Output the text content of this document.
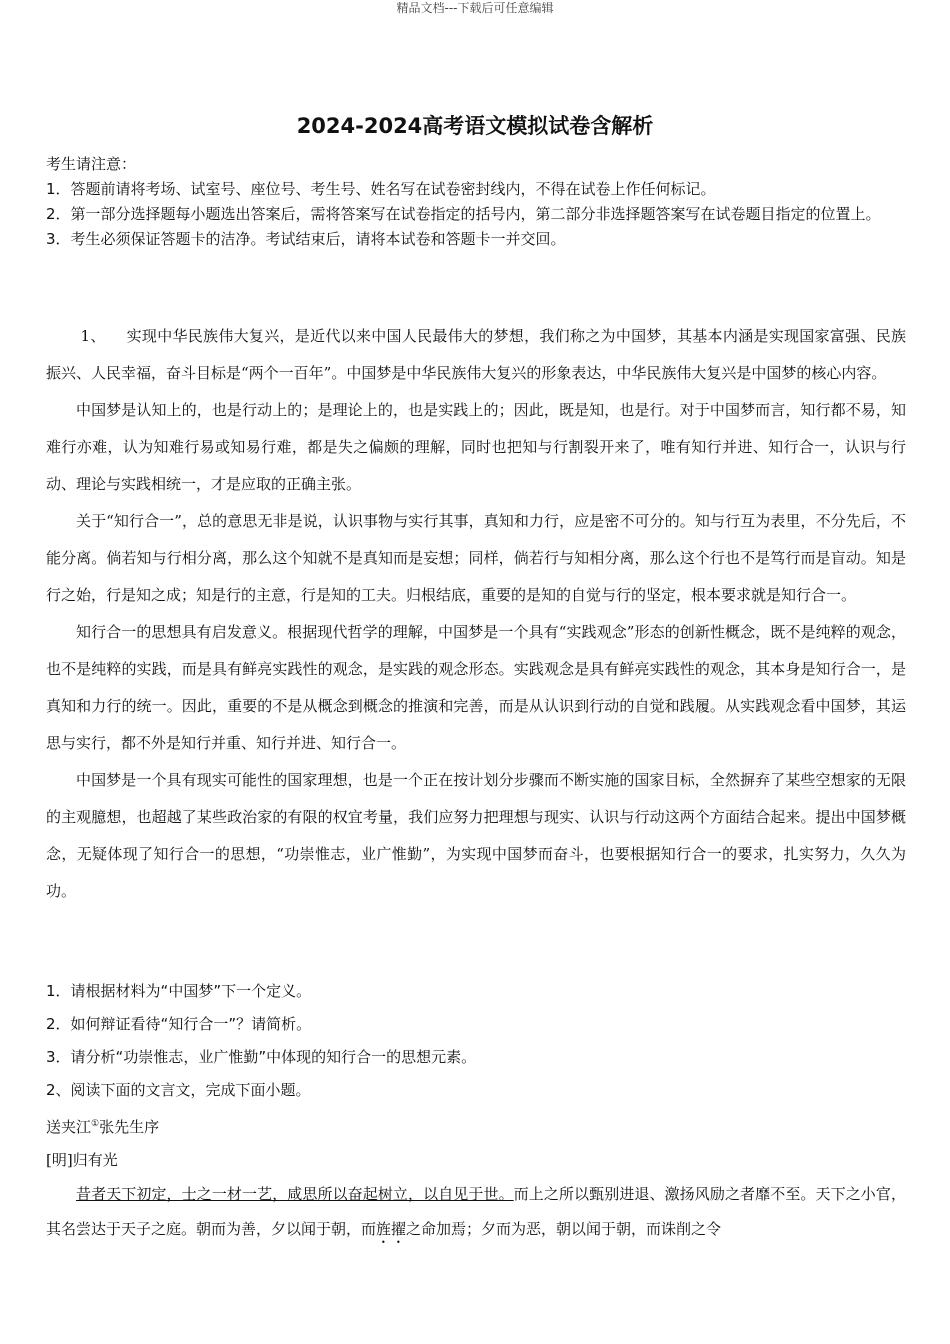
精品文档---下载后可任意编辑
2024-2024高考语文模拟试卷含解析

考生请注意：

1．答题前请将考场、试室号、座位号、考生号、姓名写在试卷密封线内，不得在试卷上作任何标记。

2．第一部分选择题每小题选出答案后，需将答案写在试卷指定的括号内，第二部分非选择题答案写在试卷题目指定的位置上。

3．考生必须保证答题卡的洁净。考试结束后，请将本试卷和答题卡一并交回。

1、 实现中华民族伟大复兴，是近代以来中国人民最伟大的梦想，我们称之为中国梦，其基本内涵是实现国家富强、民族振兴、人民幸福，奋斗目标是“两个一百年”。中国梦是中华民族伟大复兴的形象表达，中华民族伟大复兴是中国梦的核心内容。

中国梦是认知上的，也是行动上的；是理论上的，也是实践上的；因此，既是知，也是行。对于中国梦而言，知行都不易，知难行亦难，认为知难行易或知易行难，都是失之偏颇的理解，同时也把知与行割裂开来了，唯有知行并进、知行合一，认识与行动、理论与实践相统一，才是应取的正确主张。

关于“知行合一”，总的意思无非是说，认识事物与实行其事，真知和力行，应是密不可分的。知与行互为表里，不分先后，不能分离。倘若知与行相分离，那么这个知就不是真知而是妄想；同样，倘若行与知相分离，那么这个行也不是笃行而是盲动。知是行之始，行是知之成；知是行的主意，行是知的工夫。归根结底，重要的是知的自觉与行的坚定，根本要求就是知行合一。

知行合一的思想具有启发意义。根据现代哲学的理解，中国梦是一个具有“实践观念”形态的创新性概念，既不是纯粹的观念，也不是纯粹的实践，而是具有鲜亮实践性的观念，是实践的观念形态。实践观念是具有鲜亮实践性的观念，其本身是知行合一，是真知和力行的统一。因此，重要的不是从概念到概念的推演和完善，而是从认识到行动的自觉和践履。从实践观念看中国梦，其运思与实行，都不外是知行并重、知行并进、知行合一。

中国梦是一个具有现实可能性的国家理想，也是一个正在按计划分步骤而不断实施的国家目标，全然摒弃了某些空想家的无限的主观臆想，也超越了某些政治家的有限的权宜考量，我们应努力把理想与现实、认识与行动这两个方面结合起来。提出中国梦概念，无疑体现了知行合一的思想，“功崇惟志，业广惟勤”，为实现中国梦而奋斗，也要根据知行合一的要求，扎实努力，久久为功。

1．请根据材料为“中国梦”下一个定义。

2．如何辩证看待“知行合一”？请简析。

3．请分析“功崇惟志，业广惟勤”中体现的知行合一的思想元素。

2、阅读下面的文言文，完成下面小题。

送夹江①张先生序

[明]归有光

昔者天下初定，士之一材一艺，咸思所以奋起树立，以自见于世。而上之所以甄别进退、激扬风励之者靡不至。天下之小官，其名尝达于天子之庭。朝而为善，夕以闻于朝，而旌擢之命加焉；夕而为恶，朝以闻于朝，而诛削之令
